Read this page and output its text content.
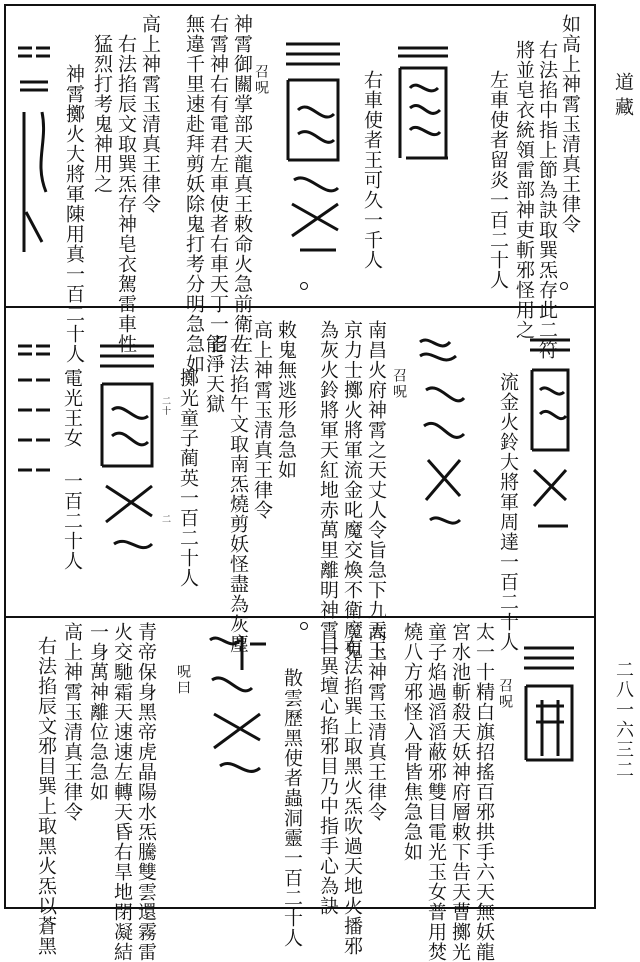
道藏
二八一六三二
如高上神霄玉清真王律令
右法掐中指上節為訣取巽炁存此二符
將並皂衣統領雷部神吏斬邪怪用之
左車使者留炎一百二十人
右車使者王可久一千人
召呪
神霄御關掌部天龍真王敕命火急前衛左
右霄神右有電君左車使者右車天丁一召
無違千里速赴拜剪妖除鬼打考分明急急如
高上神霄玉清真王律令
右法掐辰文取巽炁存神皂衣駕雷車性
猛烈打考鬼神用之
神霄擲火大將軍陳用真一百二十人
流金火鈴大將軍周達一百二十人
召呪
南昌火府神霄之天丈人令旨急下九天玉
京力士擲火將軍流金叱魔交煥不衛魔鬼
為灰火鈴將軍天紅地赤萬里離明神霄一
敕鬼無逃形急急如
高上神霄玉清真王律令
右法掐午文取南炁燒剪妖怪盡為灰塵
能淨天獄
擲光童子蔺英一百二十人
電光王女 一百二十人	二十
二
召呪
太一十精白旗招搖百邪拱手六天無妖龍
宮水池斬殺天妖神府層敕下告天曹擲光
童子焰過滔滔蔽邪雙目電光玉女普用焚
燒八方邪怪入骨皆焦急急如
高上神霄玉清真王律令
右法掐巽上取黑火炁吹過天地火播邪
目異壇心掐邪目乃中指手心為訣
散雲歷黑使者蟲洞靈一百二十人
呪曰
青帝保身黑帝虎晶陽水炁騰雙雲還霧雷
火交馳霜天速速左轉天昏右旱地閉凝結
一身萬神離位急急如
高上神霄玉清真王律令
右法掐辰文邪目巽上取黑火炁以蒼黑
